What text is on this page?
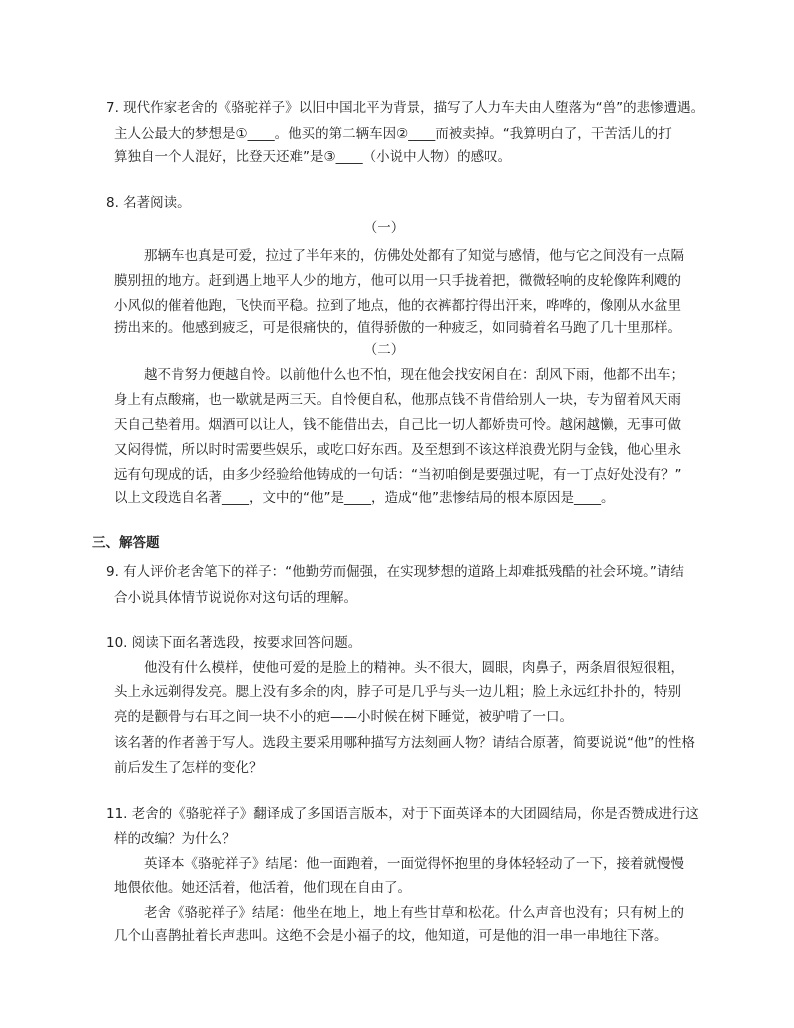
7. 现代作家老舍的《骆驼祥子》以旧中国北平为背景，描写了人力车夫由人堕落为“兽”的悲惨遭遇。
主人公最大的梦想是①____。他买的第二辆车因②____而被卖掉。“我算明白了，干苦活儿的打
算独自一个人混好，比登天还难”是③____（小说中人物）的感叹。
8. 名著阅读。
（一）
那辆车也真是可爱，拉过了半年来的，仿佛处处都有了知觉与感情，他与它之间没有一点隔
膜别扭的地方。赶到遇上地平人少的地方，他可以用一只手拢着把，微微轻响的皮轮像阵利飕的
小风似的催着他跑，飞快而平稳。拉到了地点，他的衣裤都拧得出汗来，哗哗的，像刚从水盆里
捞出来的。他感到疲乏，可是很痛快的，值得骄傲的一种疲乏，如同骑着名马跑了几十里那样。
（二）
越不肯努力便越自怜。以前他什么也不怕，现在他会找安闲自在：刮风下雨，他都不出车；
身上有点酸痛，也一歇就是两三天。自怜便自私，他那点钱不肯借给别人一块，专为留着风天雨
天自己垫着用。烟酒可以让人，钱不能借出去，自己比一切人都娇贵可怜。越闲越懒，无事可做
又闷得慌，所以时时需要些娱乐，或吃口好东西。及至想到不该这样浪费光阴与金钱，他心里永
远有句现成的话，由多少经验给他铸成的一句话：“当初咱倒是要强过呢，有一丁点好处没有？”
以上文段选自名著____，文中的“他”是____，造成“他”悲惨结局的根本原因是____。
三、解答题
9. 有人评价老舍笔下的祥子：“他勤劳而倔强，在实现梦想的道路上却难抵残酷的社会环境。”请结
合小说具体情节说说你对这句话的理解。
10. 阅读下面名著选段，按要求回答问题。
他没有什么模样，使他可爱的是脸上的精神。头不很大，圆眼，肉鼻子，两条眉很短很粗，
头上永远剃得发亮。腮上没有多余的肉，脖子可是几乎与头一边儿粗；脸上永远红扑扑的，特别
亮的是颧骨与右耳之间一块不小的疤——小时候在树下睡觉，被驴啃了一口。
该名著的作者善于写人。选段主要采用哪种描写方法刻画人物？请结合原著，简要说说“他”的性格
前后发生了怎样的变化？
11. 老舍的《骆驼祥子》翻译成了多国语言版本，对于下面英译本的大团圆结局，你是否赞成进行这
样的改编？为什么？
英译本《骆驼祥子》结尾：他一面跑着，一面觉得怀抱里的身体轻轻动了一下，接着就慢慢
地偎依他。她还活着，他活着，他们现在自由了。
老舍《骆驼祥子》结尾：他坐在地上，地上有些甘草和松花。什么声音也没有；只有树上的
几个山喜鹊扯着长声悲叫。这绝不会是小福子的坟，他知道，可是他的泪一串一串地往下落。
